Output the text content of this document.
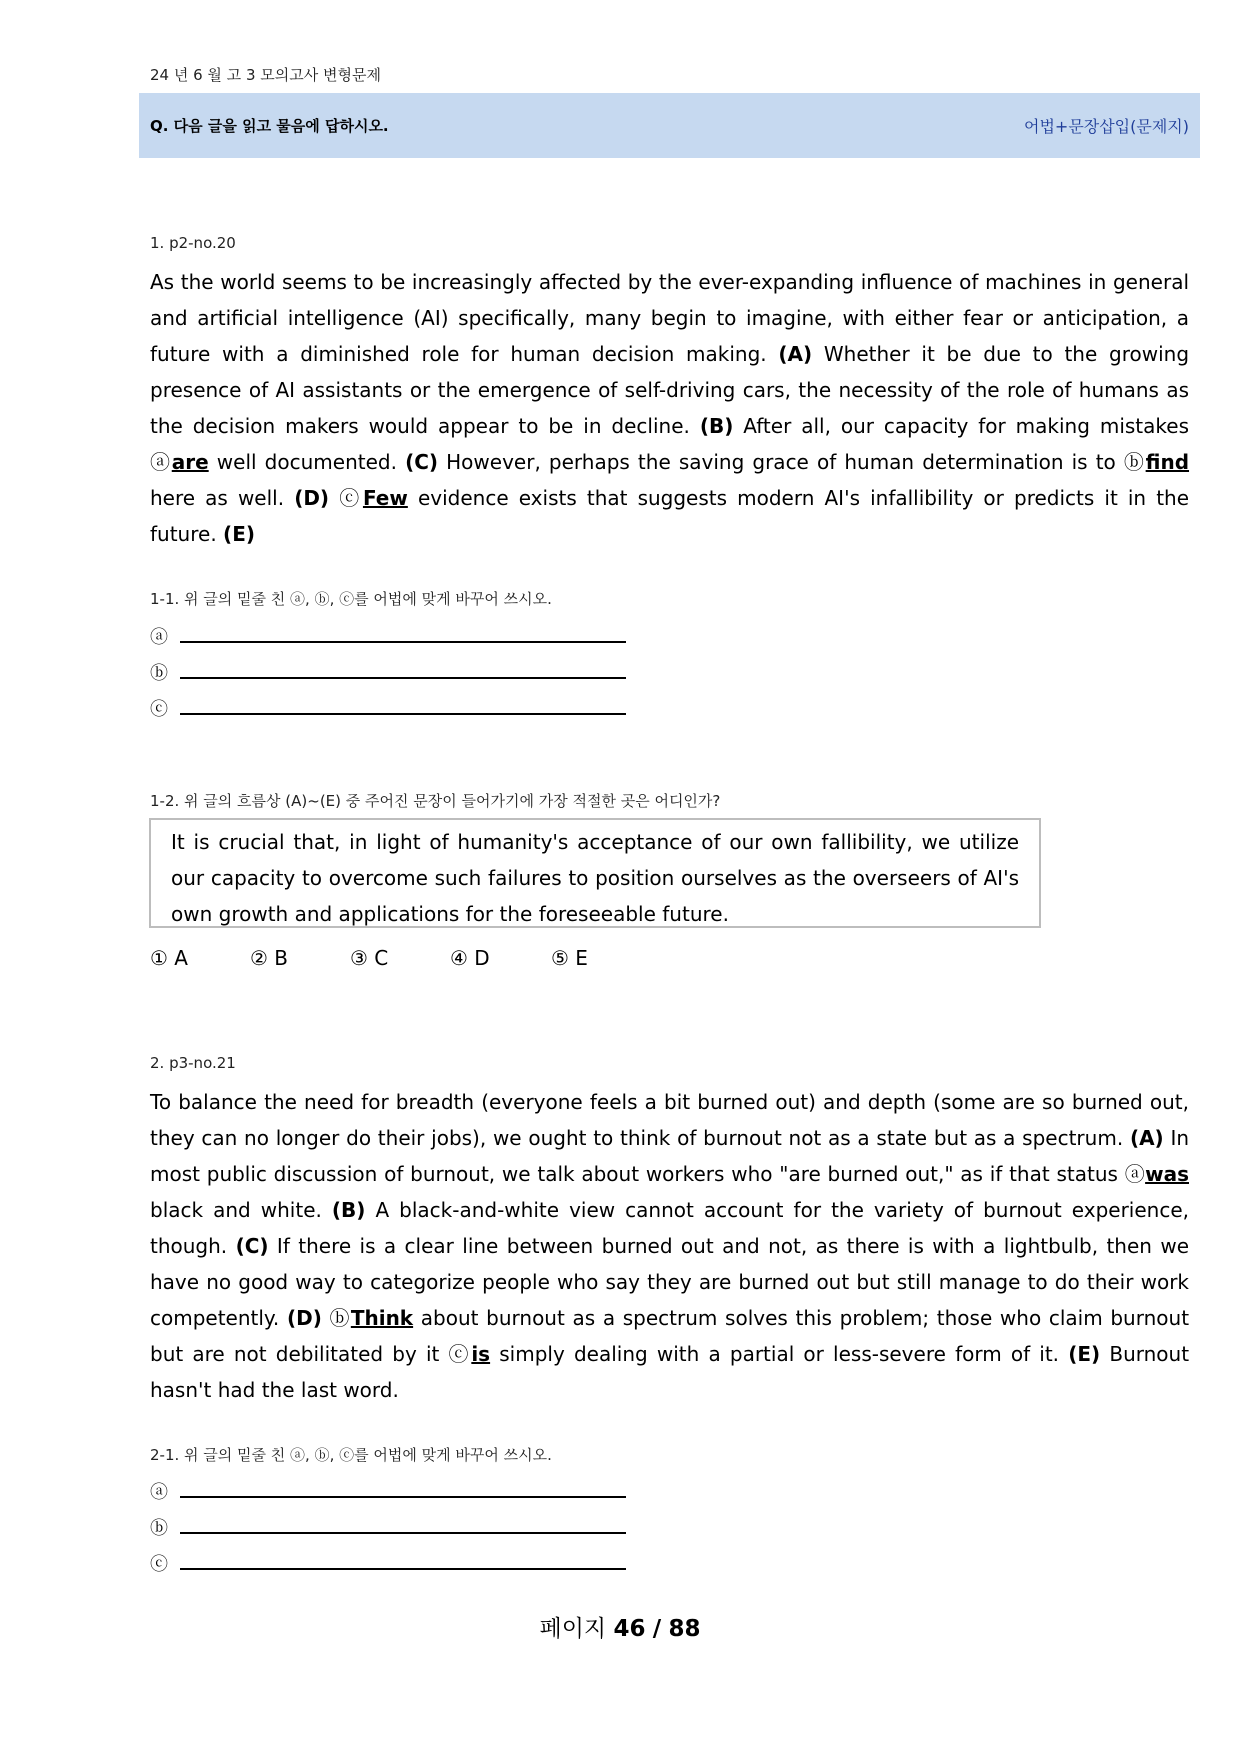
24 년 6 월 고 3 모의고사 변형문제
Q. 다음 글을 읽고 물음에 답하시오.	어법+문장삽입(문제지)
1. p2-no.20

As the world seems to be increasingly affected by the ever-expanding influence of machines in general and artificial intelligence (AI) specifically, many begin to imagine, with either fear or anticipation, a future with a diminished role for human decision making. (A) Whether it be due to the growing presence of AI assistants or the emergence of self-driving cars, the necessity of the role of humans as the decision makers would appear to be in decline. (B) After all, our capacity for making mistakes ⓐare well documented. (C) However, perhaps the saving grace of human determination is to ⓑfind here as well. (D) ⓒFew evidence exists that suggests modern AI's infallibility or predicts it in the future. (E)

1-1. 위 글의 밑줄 친 ⓐ, ⓑ, ⓒ를 어법에 맞게 바꾸어 쓰시오.
ⓐ
ⓑ
ⓒ
1-2. 위 글의 흐름상 (A)~(E) 중 주어진 문장이 들어가기에 가장 적절한 곳은 어디인가?

It is crucial that, in light of humanity's acceptance of our own fallibility, we utilize our capacity to overcome such failures to position ourselves as the overseers of AI's own growth and applications for the foreseeable future.

① A	② B	③ C	④ D	⑤ E
2. p3-no.21

To balance the need for breadth (everyone feels a bit burned out) and depth (some are so burned out, they can no longer do their jobs), we ought to think of burnout not as a state but as a spectrum. (A) In most public discussion of burnout, we talk about workers who "are burned out," as if that status ⓐwas black and white. (B) A black-and-white view cannot account for the variety of burnout experience, though. (C) If there is a clear line between burned out and not, as there is with a lightbulb, then we have no good way to categorize people who say they are burned out but still manage to do their work competently. (D) ⓑThink about burnout as a spectrum solves this problem; those who claim burnout but are not debilitated by it ⓒis simply dealing with a partial or less-severe form of it. (E) Burnout hasn't had the last word.

2-1. 위 글의 밑줄 친 ⓐ, ⓑ, ⓒ를 어법에 맞게 바꾸어 쓰시오.
ⓐ
ⓑ
ⓒ
페이지 46 / 88
